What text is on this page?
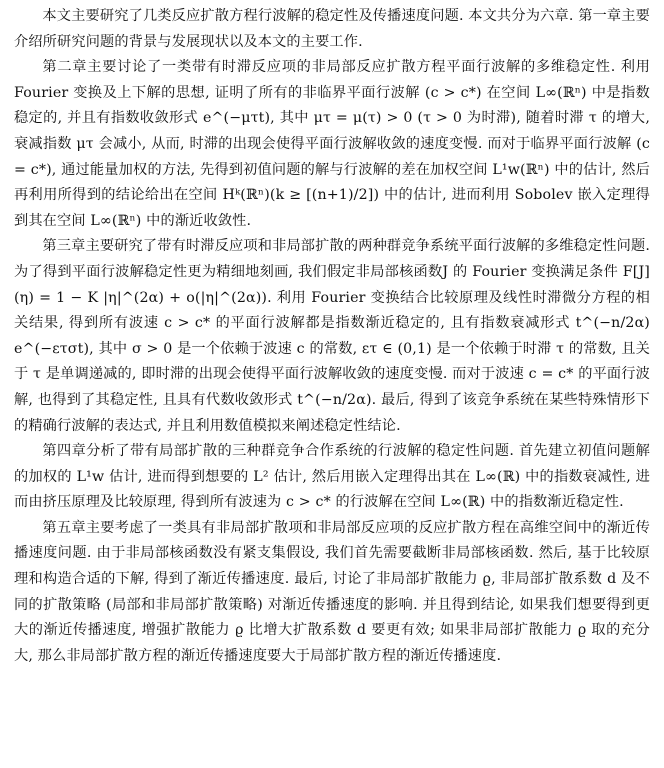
本文主要研究了几类反应扩散方程行波解的稳定性及传播速度问题. 本文共分为六章. 第一章主要介绍所研究问题的背景与发展现状以及本文的主要工作.

第二章主要讨论了一类带有时滞反应项的非局部反应扩散方程平面行波解的多维稳定性. 利用 Fourier 变换及上下解的思想, 证明了所有的非临界平面行波解 (c > c*) 在空间 L∞(ℝⁿ) 中是指数稳定的, 并且有指数收敛形式 e^(−μτt), 其中 μτ = μ(τ) > 0 (τ > 0 为时滞), 随着时滞 τ 的增大, 衰减指数 μτ 会减小, 从而, 时滞的出现会使得平面行波解收敛的速度变慢. 而对于临界平面行波解 (c = c*), 通过能量加权的方法, 先得到初值问题的解与行波解的差在加权空间 L¹w(ℝⁿ) 中的估计, 然后再利用所得到的结论给出在空间 Hᵏ(ℝⁿ)(k ≥ [(n+1)/2]) 中的估计, 进而利用 Sobolev 嵌入定理得到其在空间 L∞(ℝⁿ) 中的渐近收敛性.

第三章主要研究了带有时滞反应项和非局部扩散的两种群竞争系统平面行波解的多维稳定性问题. 为了得到平面行波解稳定性更为精细地刻画, 我们假定非局部核函数J 的 Fourier 变换满足条件 F[J](η) = 1 − K |η|^(2α) + o(|η|^(2α)). 利用 Fourier 变换结合比较原理及线性时滞微分方程的相关结果, 得到所有波速 c > c* 的平面行波解都是指数渐近稳定的, 且有指数衰减形式 t^(−n/2α) e^(−ετσt), 其中 σ > 0 是一个依赖于波速 c 的常数, ετ ∈ (0,1) 是一个依赖于时滞 τ 的常数, 且关于 τ 是单调递减的, 即时滞的出现会使得平面行波解收敛的速度变慢. 而对于波速 c = c* 的平面行波解, 也得到了其稳定性, 且具有代数收敛形式 t^(−n/2α). 最后, 得到了该竞争系统在某些特殊情形下的精确行波解的表达式, 并且利用数值模拟来阐述稳定性结论.

第四章分析了带有局部扩散的三种群竞争合作系统的行波解的稳定性问题. 首先建立初值问题解的加权的 L¹w 估计, 进而得到想要的 L² 估计, 然后用嵌入定理得出其在 L∞(ℝ) 中的指数衰减性, 进而由挤压原理及比较原理, 得到所有波速为 c > c* 的行波解在空间 L∞(ℝ) 中的指数渐近稳定性.

第五章主要考虑了一类具有非局部扩散项和非局部反应项的反应扩散方程在高维空间中的渐近传播速度问题. 由于非局部核函数没有紧支集假设, 我们首先需要截断非局部核函数. 然后, 基于比较原理和构造合适的下解, 得到了渐近传播速度. 最后, 讨论了非局部扩散能力 ϱ, 非局部扩散系数 d 及不同的扩散策略 (局部和非局部扩散策略) 对渐近传播速度的影响. 并且得到结论, 如果我们想要得到更大的渐近传播速度, 增强扩散能力 ϱ 比增大扩散系数 d 要更有效; 如果非局部扩散能力 ϱ 取的充分大, 那么非局部扩散方程的渐近传播速度要大于局部扩散方程的渐近传播速度.
